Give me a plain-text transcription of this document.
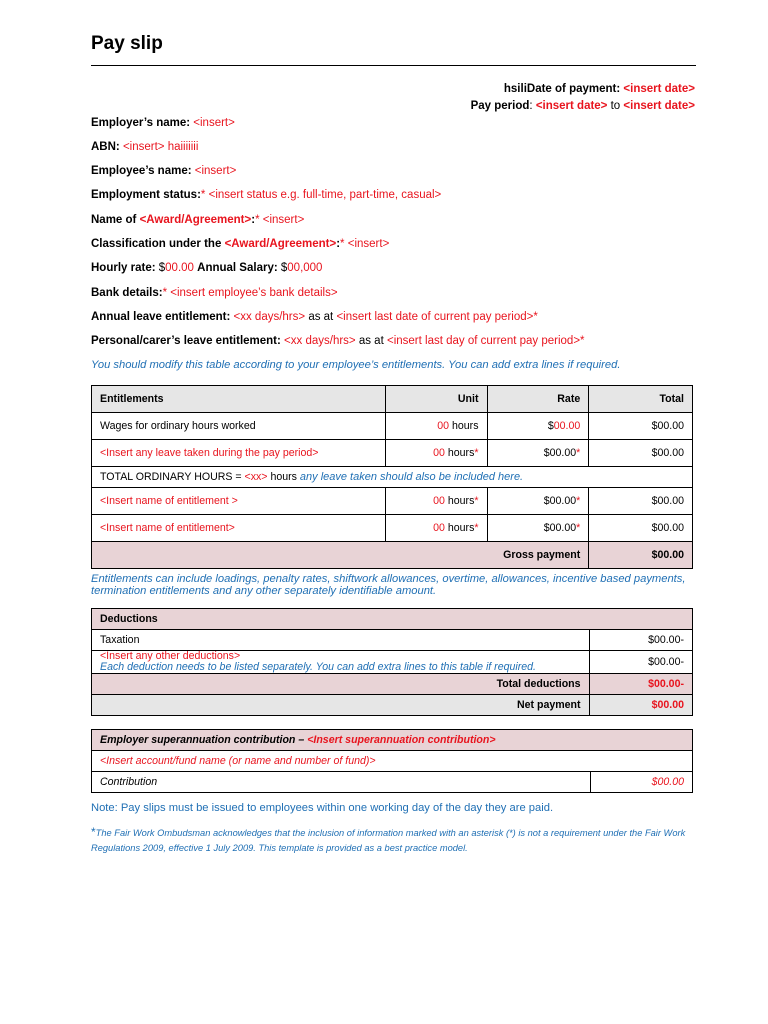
Pay slip
hsiliDate of payment: <insert date>
Pay period: <insert date> to <insert date>
Employer’s name: <insert>
ABN: <insert> haiiiiiii
Employee’s name: <insert>
Employment status:* <insert status e.g. full-time, part-time, casual>
Name of <Award/Agreement>:* <insert>
Classification under the <Award/Agreement>:* <insert>
Hourly rate: $00.00 Annual Salary: $00,000
Bank details:* <insert employee’s bank details>
Annual leave entitlement: <xx days/hrs> as at <insert last date of current pay period>*
Personal/carer’s leave entitlement: <xx days/hrs> as at <insert last day of current pay period>*
You should modify this table according to your employee’s entitlements. You can add extra lines if required.
Entitlements	Unit	Rate	Total
Wages for ordinary hours worked	00 hours	$00.00	$00.00
<Insert any leave taken during the pay period>	00 hours*	$00.00*	$00.00
TOTAL ORDINARY HOURS = <xx> hours any leave taken should also be included here.			
<Insert name of entitlement >	00 hours*	$00.00*	$00.00
<Insert name of entitlement>	00 hours*	$00.00*	$00.00
Gross payment			$00.00
Entitlements can include loadings, penalty rates, shiftwork allowances, overtime, allowances, incentive based payments, termination entitlements and any other separately identifiable amount.
Deductions	
Taxation	$00.00-

<Insert any other deductions>
Each deduction needs to be listed separately. You can add extra lines to this table if required.	$00.00-
Total deductions	$00.00-
Net payment	$00.00
Employer superannuation contribution – <Insert superannuation contribution>
<Insert account/fund name (or name and number of fund)>
Contribution	$00.00
Note: Pay slips must be issued to employees within one working day of the day they are paid.
*The Fair Work Ombudsman acknowledges that the inclusion of information marked with an asterisk (*) is not a requirement under the Fair Work Regulations 2009, effective 1 July 2009. This template is provided as a best practice model.
